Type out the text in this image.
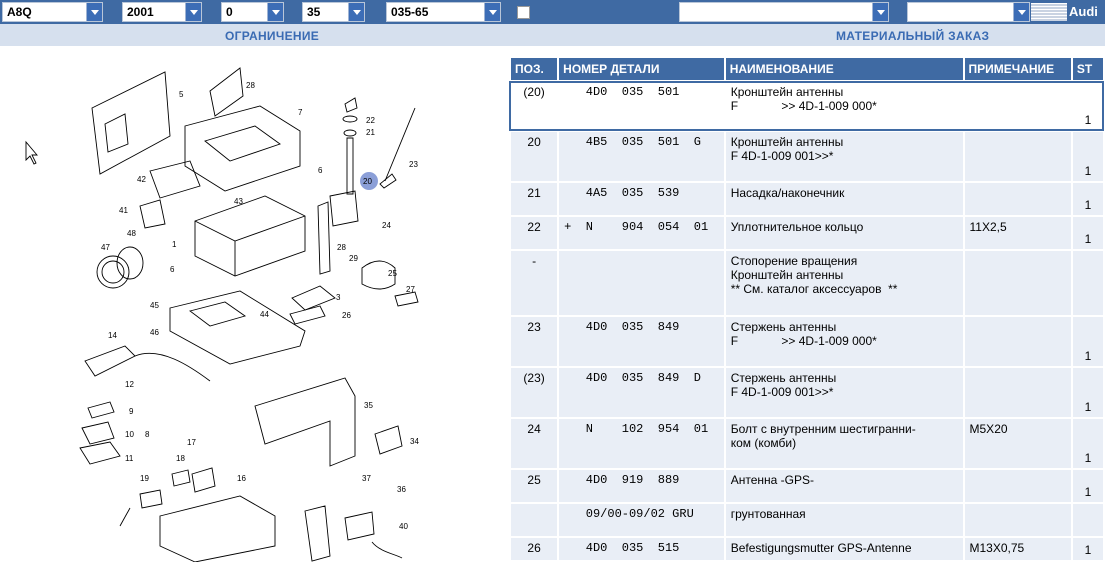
A8Q	2001	0	35	035-65	Audi
ОГРАНИЧЕНИЕ	МАТЕРИАЛЬНЫЙ ЗАКАЗ
5
28
7
22
21
23
20
6
42
43
41
1
24
28
48
47
6
29
25
27
3
45
26
44
46
14
12
9
10 8
11
17
18
35
34
37
36
19	16
40
ПОЗ.	НОМЕР ДЕТАЛИ	НАИМЕНОВАНИЕ	ПРИМЕЧАНИЕ	ST
(20)	4D0  035  501	Кронштейн антенны
F             >> 4D-1-009 000*		1
20	4B5  035  501  G	Кронштейн антенны
F 4D-1-009 001>>*		1
21	4A5  035  539	Насадка/наконечник		1
22	+  N    904  054  01	Уплотнительное кольцо	11X2,5	1
-		Стопорение вращения
Кронштейн антенны
** См. каталог аксессуаров  **		

23	4D0  035  849	Стержень антенны
F             >> 4D-1-009 000*		1
(23)	4D0  035  849  D	Стержень антенны
F 4D-1-009 001>>*		1
24	N    102  954  01	Болт с внутренним шестигранни-
ком (комби)	M5X20	1
25	4D0  919  889	Антенна -GPS-		1
	09/00-09/02 GRU	грунтованная		

26	4D0  035  515	Befestigungsmutter GPS-Antenne	M13X0,75	1
